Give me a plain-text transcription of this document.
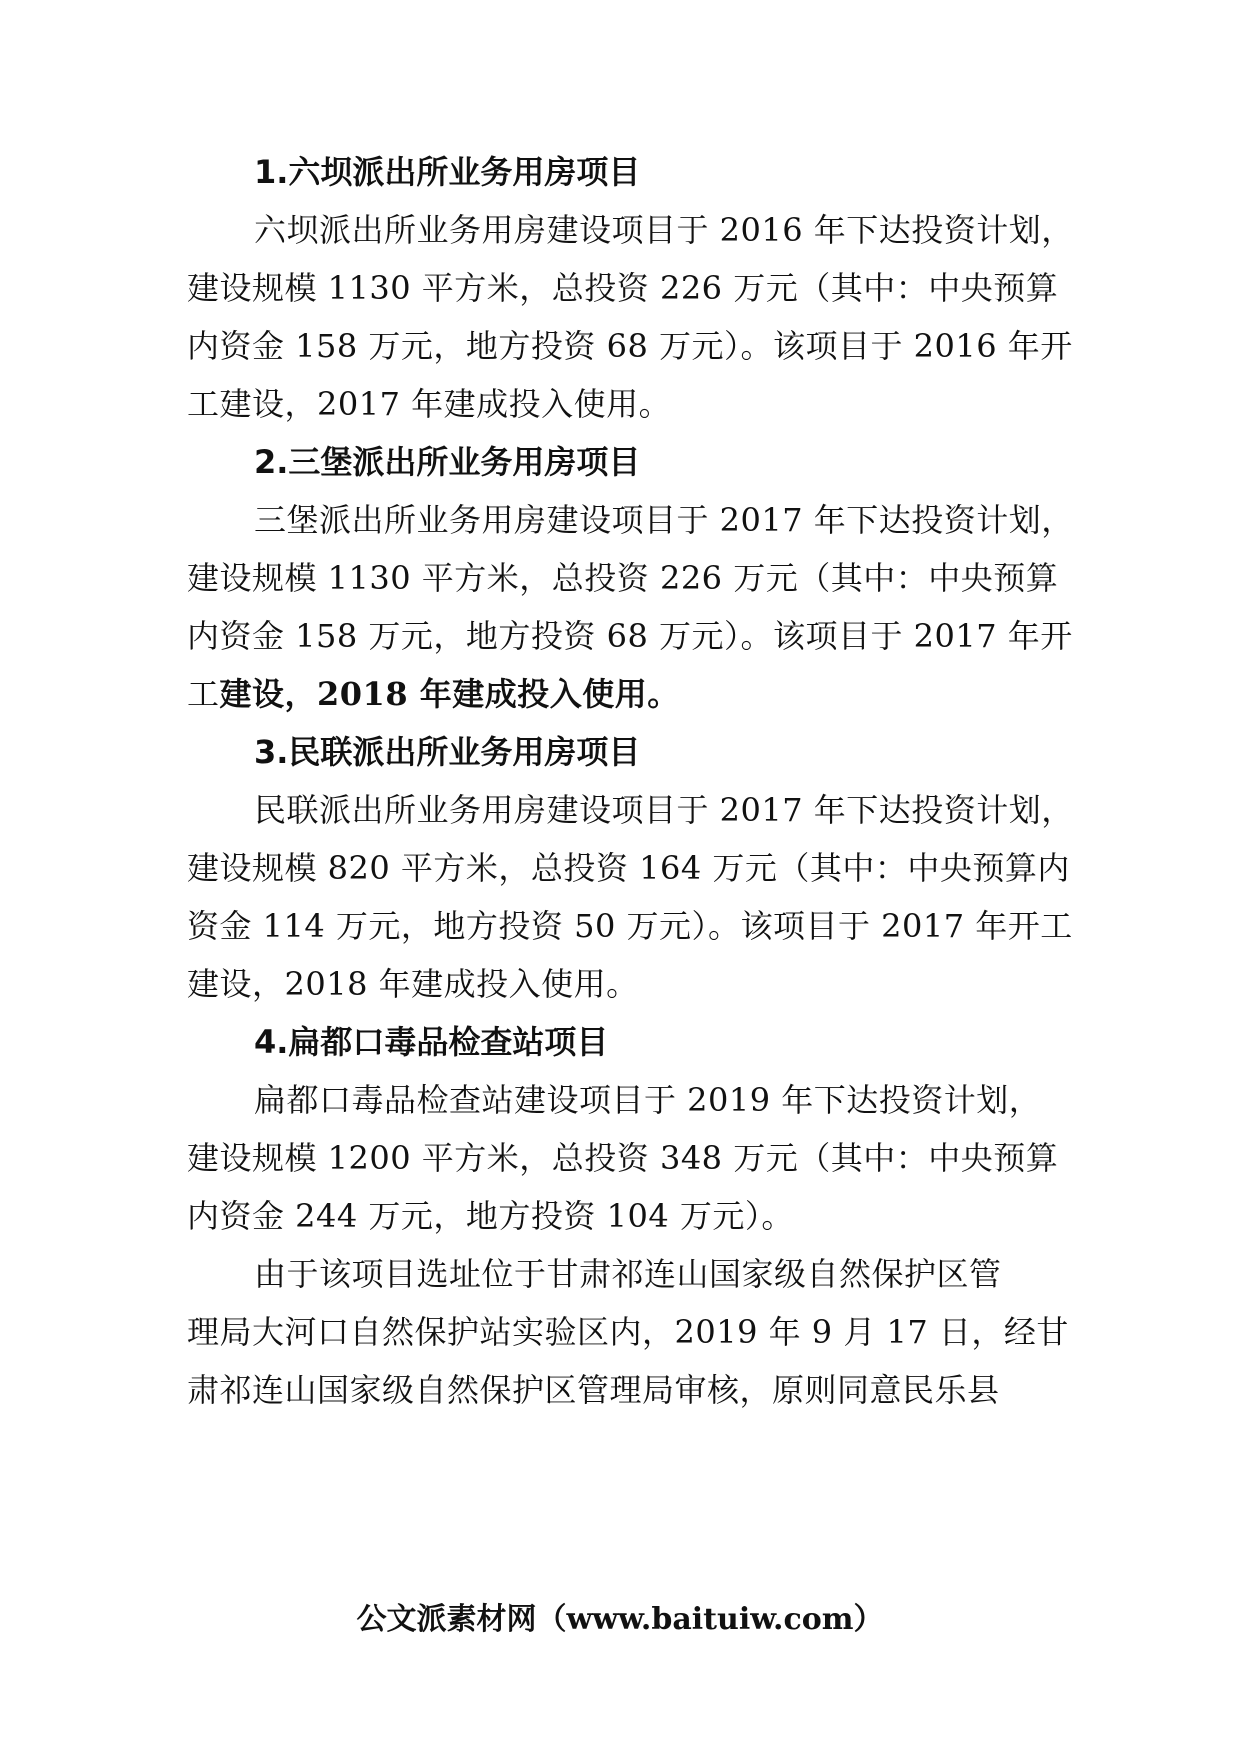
1.六坝派出所业务用房项目
六坝派出所业务用房建设项目于 2016 年下达投资计划，
建设规模 1130 平方米，总投资 226 万元（其中：中央预算
内资金 158 万元，地方投资 68 万元）。该项目于 2016 年开
工建设，2017 年建成投入使用。
2.三堡派出所业务用房项目
三堡派出所业务用房建设项目于 2017 年下达投资计划，
建设规模 1130 平方米，总投资 226 万元（其中：中央预算
内资金 158 万元，地方投资 68 万元）。该项目于 2017 年开
工建设，2018 年建成投入使用。
3.民联派出所业务用房项目
民联派出所业务用房建设项目于 2017 年下达投资计划，
建设规模 820 平方米，总投资 164 万元（其中：中央预算内
资金 114 万元，地方投资 50 万元）。该项目于 2017 年开工
建设，2018 年建成投入使用。
4.扁都口毒品检查站项目
扁都口毒品检查站建设项目于 2019 年下达投资计划，
建设规模 1200 平方米，总投资 348 万元（其中：中央预算
内资金 244 万元，地方投资 104 万元）。
由于该项目选址位于甘肃祁连山国家级自然保护区管
理局大河口自然保护站实验区内，2019 年 9 月 17 日，经甘
肃祁连山国家级自然保护区管理局审核，原则同意民乐县
公文派素材网（www.baituiw.com）
